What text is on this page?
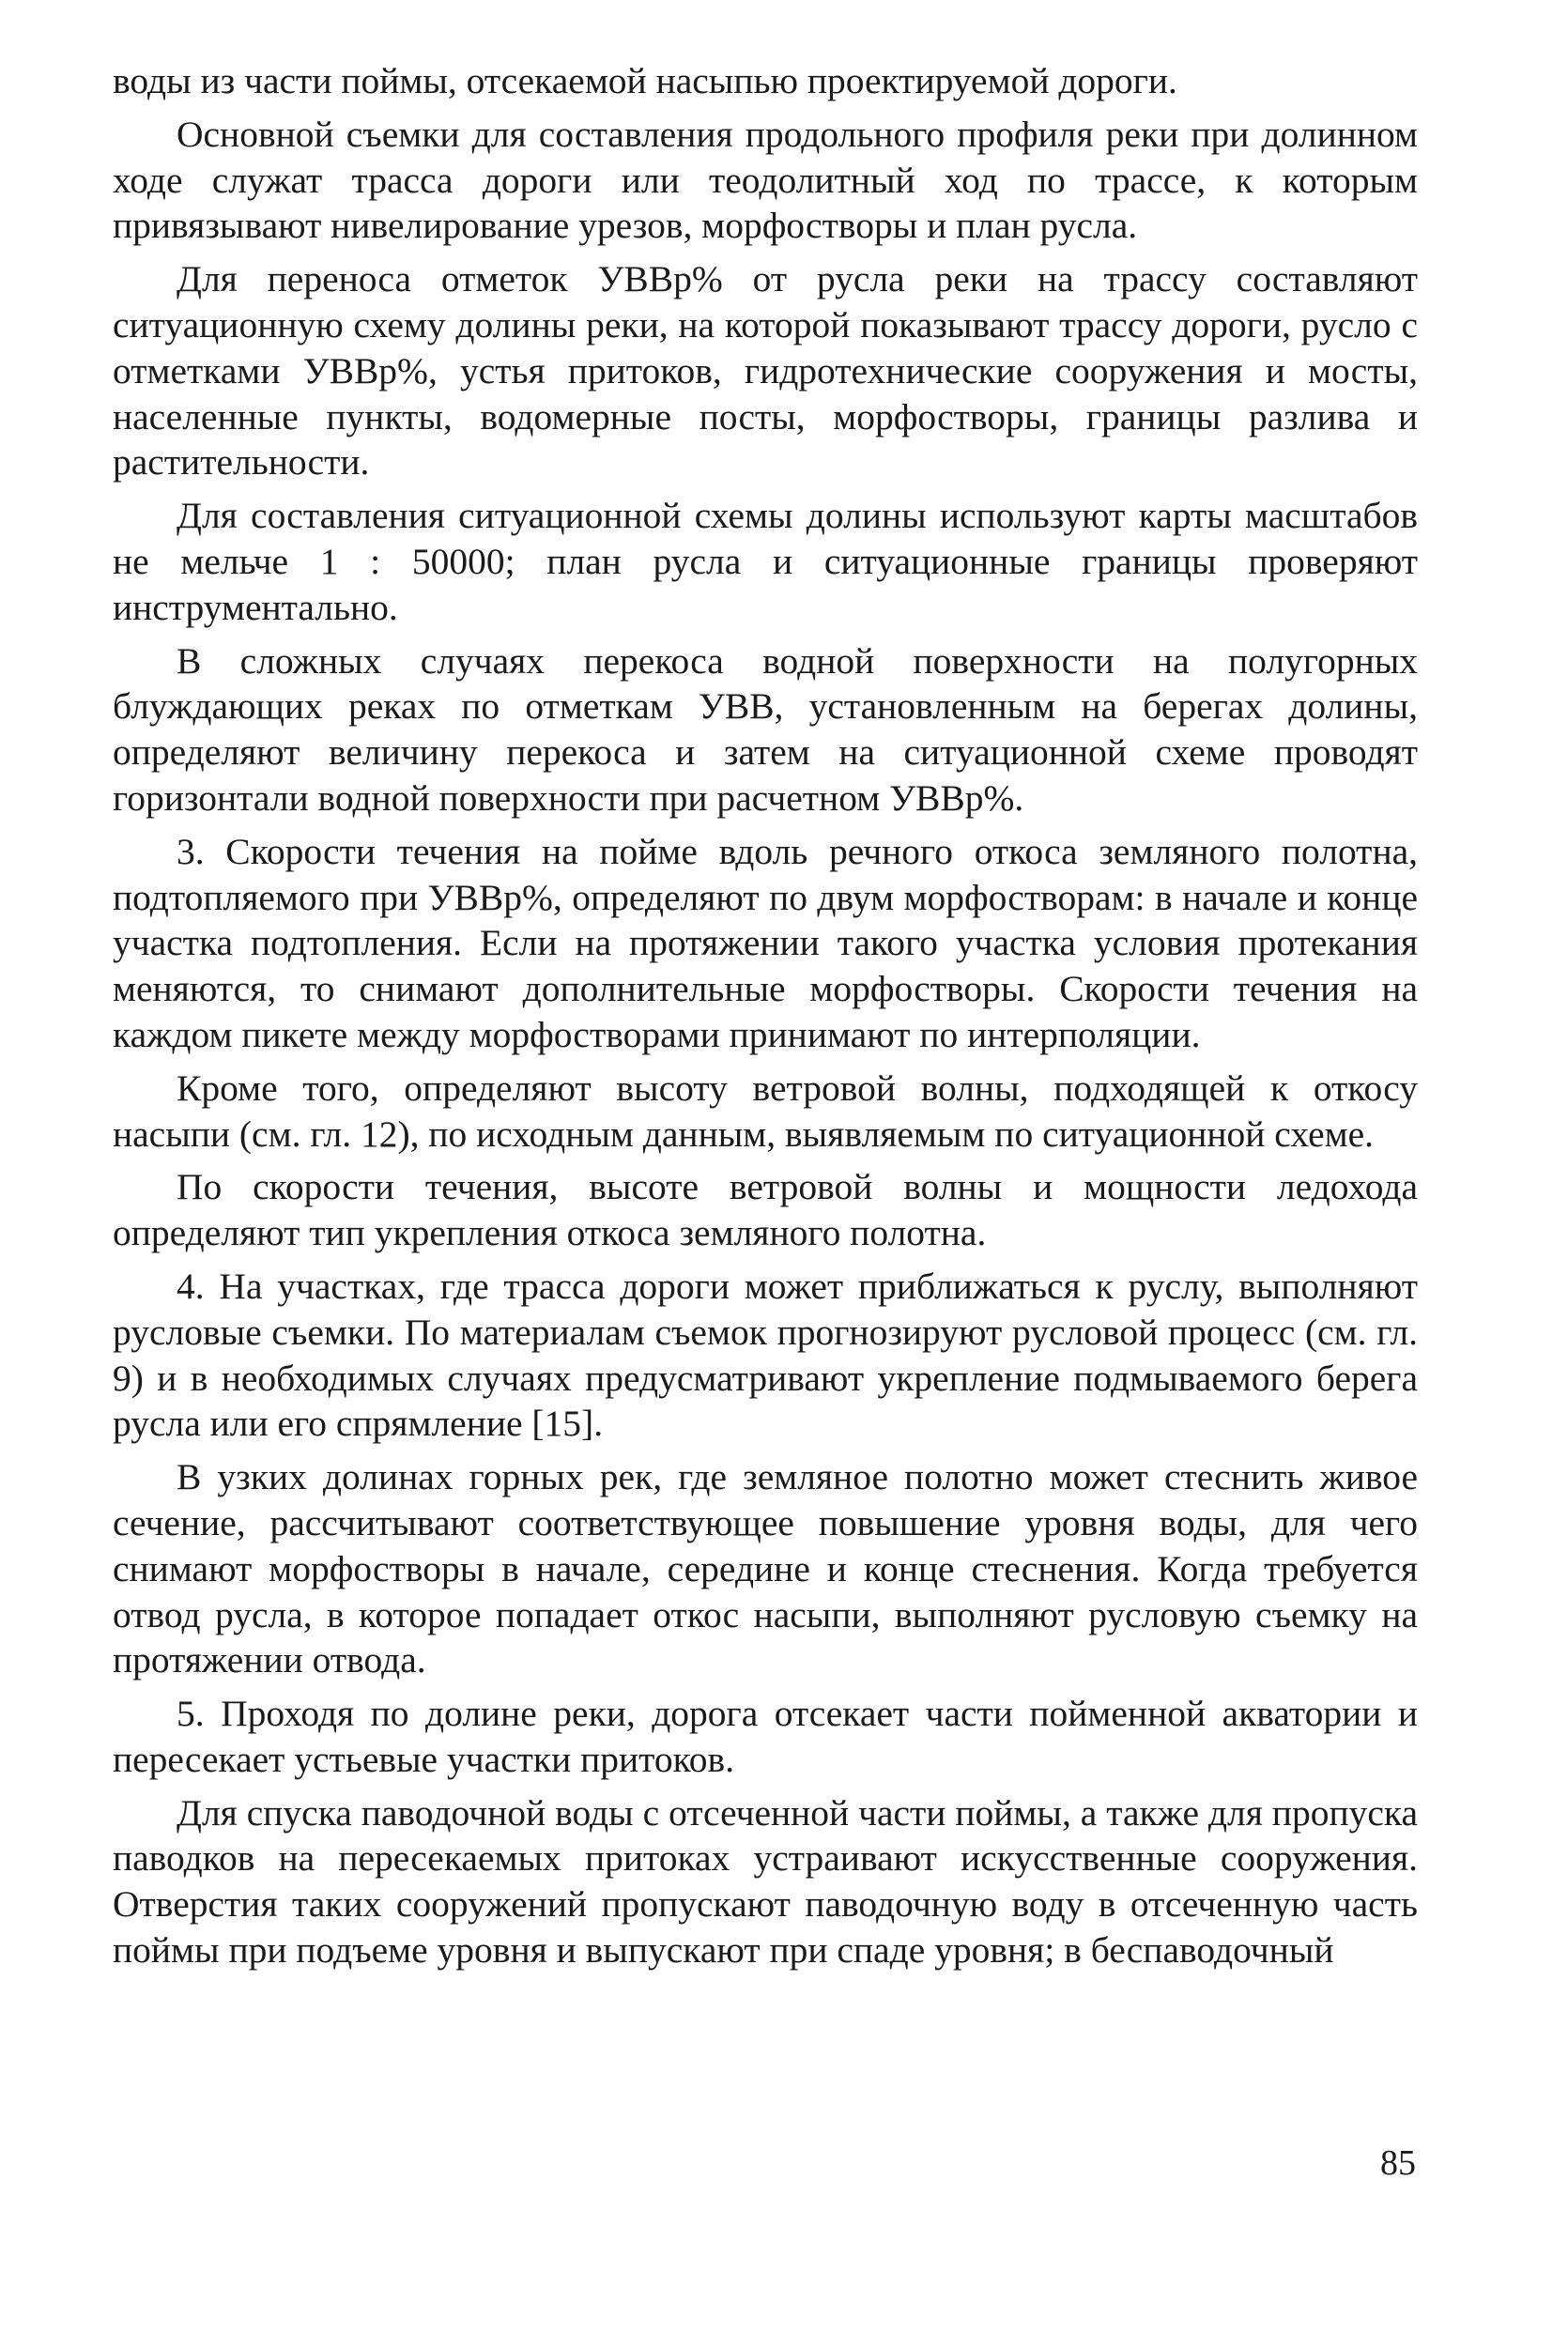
воды из части поймы, отсекаемой насыпью проектируемой дороги.

Основной съемки для составления продольного профиля реки при долинном ходе служат трасса дороги или теодолитный ход по трассе, к которым привязывают нивелирование урезов, морфостворы и план русла.

Для переноса отметок УВВp% от русла реки на трассу составляют ситуационную схему долины реки, на которой показывают трассу дороги, русло с отметками УВВp%, устья притоков, гидротехнические сооружения и мосты, населенные пункты, водомерные посты, морфостворы, границы разлива и растительности.

Для составления ситуационной схемы долины используют карты масштабов не мельче 1 : 50000; план русла и ситуационные границы проверяют инструментально.

В сложных случаях перекоса водной поверхности на полугорных блуждающих реках по отметкам УВВ, установленным на берегах долины, определяют величину перекоса и затем на ситуационной схеме проводят горизонтали водной поверхности при расчетном УВВp%.

3. Скорости течения на пойме вдоль речного откоса земляного полотна, подтопляемого при УВВp%, определяют по двум морфостворам: в начале и конце участка подтопления. Если на протяжении такого участка условия протекания меняются, то снимают дополнительные морфостворы. Скорости течения на каждом пикете между морфостворами принимают по интерполяции.

Кроме того, определяют высоту ветровой волны, подходящей к откосу насыпи (см. гл. 12), по исходным данным, выявляемым по ситуационной схеме.

По скорости течения, высоте ветровой волны и мощности ледохода определяют тип укрепления откоса земляного полотна.

4. На участках, где трасса дороги может приближаться к руслу, выполняют русловые съемки. По материалам съемок прогнозируют русловой процесс (см. гл. 9) и в необходимых случаях предусматривают укрепление подмываемого берега русла или его спрямление [15].

В узких долинах горных рек, где земляное полотно может стеснить живое сечение, рассчитывают соответствующее повышение уровня воды, для чего снимают морфостворы в начале, середине и конце стеснения. Когда требуется отвод русла, в которое попадает откос насыпи, выполняют русловую съемку на протяжении отвода.

5. Проходя по долине реки, дорога отсекает части пойменной акватории и пересекает устьевые участки притоков.

Для спуска паводочной воды с отсеченной части поймы, а также для пропуска паводков на пересекаемых притоках устраивают искусственные сооружения. Отверстия таких сооружений пропускают паводочную воду в отсеченную часть поймы при подъеме уровня и выпускают при спаде уровня; в беспаводочный

85
